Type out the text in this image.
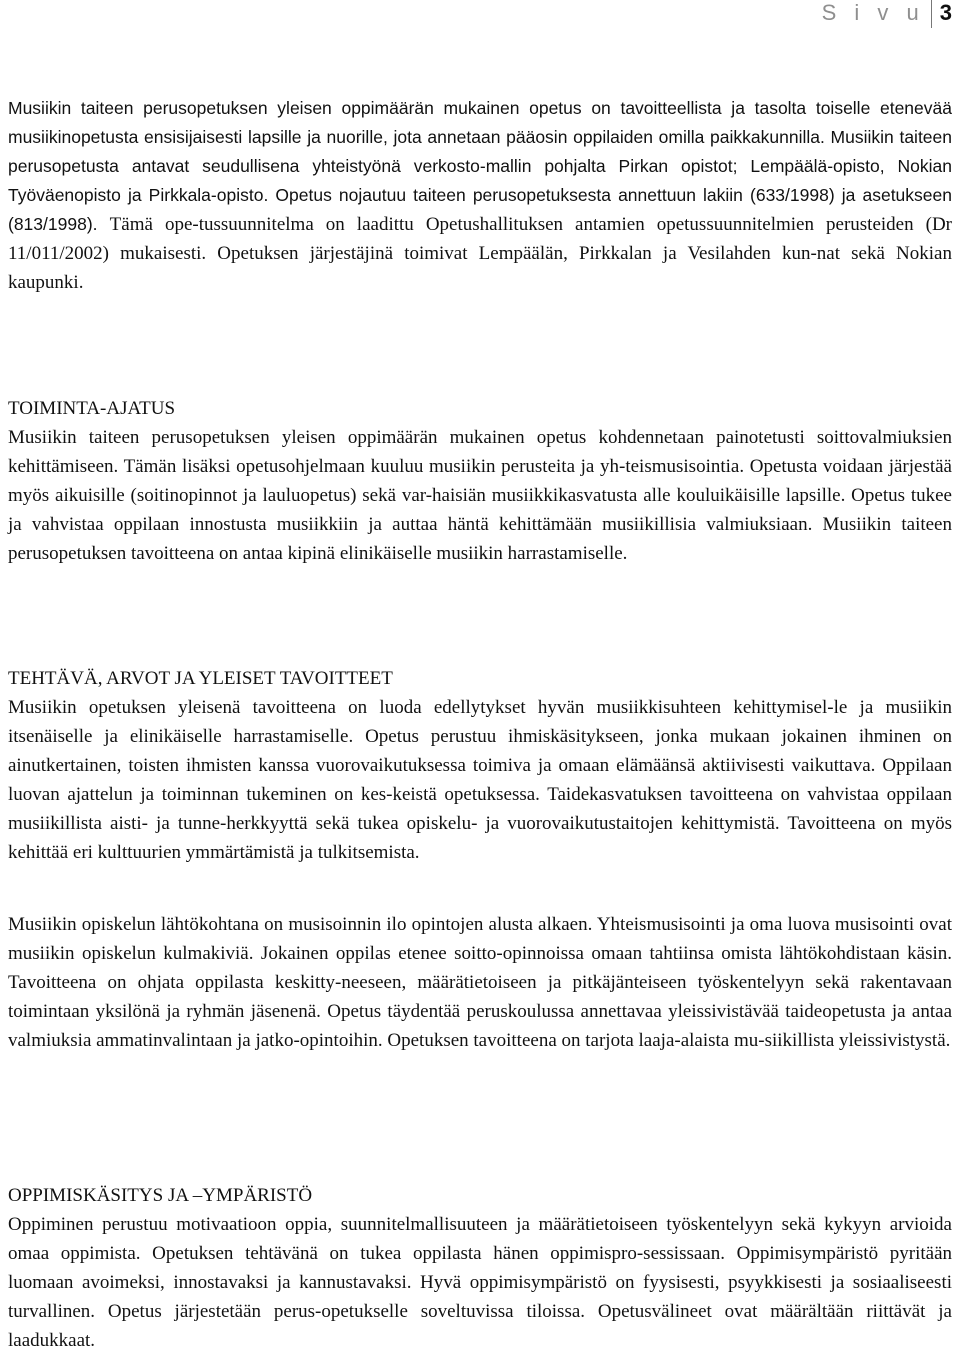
S i v u 3

Musiikin taiteen perusopetuksen yleisen oppimäärän mukainen opetus on tavoitteellista ja tasolta toiselle etenevää musiikinopetusta ensisijaisesti lapsille ja nuorille, jota annetaan pääosin oppilaiden omilla paikkakunnilla. Musiikin taiteen perusopetusta antavat seudullisena yhteistyönä verkosto-mallin pohjalta Pirkan opistot; Lempäälä-opisto, Nokian Työväenopisto ja Pirkkala-opisto. Opetus nojautuu taiteen perusopetuksesta annettuun lakiin (633/1998) ja asetukseen (813/1998). Tämä ope-tussuunnitelma on laadittu Opetushallituksen antamien opetussuunnitelmien perusteiden (Dr 11/011/2002) mukaisesti. Opetuksen järjestäjinä toimivat Lempäälän, Pirkkalan ja Vesilahden kun-nat sekä Nokian kaupunki.

TOIMINTA-AJATUS

Musiikin taiteen perusopetuksen yleisen oppimäärän mukainen opetus kohdennetaan painotetusti soittovalmiuksien kehittämiseen. Tämän lisäksi opetusohjelmaan kuuluu musiikin perusteita ja yh-teismusisointia. Opetusta voidaan järjestää myös aikuisille (soitinopinnot ja lauluopetus) sekä var-haisiän musiikkikasvatusta alle kouluikäisille lapsille. Opetus tukee ja vahvistaa oppilaan innostusta musiikkiin ja auttaa häntä kehittämään musiikillisia valmiuksiaan. Musiikin taiteen perusopetuksen tavoitteena on antaa kipinä elinikäiselle musiikin harrastamiselle.

TEHTÄVÄ, ARVOT JA YLEISET TAVOITTEET

Musiikin opetuksen yleisenä tavoitteena on luoda edellytykset hyvän musiikkisuhteen kehittymisel-le ja musiikin itsenäiselle ja elinikäiselle harrastamiselle. Opetus perustuu ihmiskäsitykseen, jonka mukaan jokainen ihminen on ainutkertainen, toisten ihmisten kanssa vuorovaikutuksessa toimiva ja omaan elämäänsä aktiivisesti vaikuttava. Oppilaan luovan ajattelun ja toiminnan tukeminen on kes-keistä opetuksessa. Taidekasvatuksen tavoitteena on vahvistaa oppilaan musiikillista aisti- ja tunne-herkkyyttä sekä tukea opiskelu- ja vuorovaikutustaitojen kehittymistä. Tavoitteena on myös kehittää eri kulttuurien ymmärtämistä ja tulkitsemista.

Musiikin opiskelun lähtökohtana on musisoinnin ilo opintojen alusta alkaen. Yhteismusisointi ja oma luova musisointi ovat musiikin opiskelun kulmakiviä. Jokainen oppilas etenee soitto-opinnoissa omaan tahtiinsa omista lähtökohdistaan käsin. Tavoitteena on ohjata oppilasta keskitty-neeseen, määrätietoiseen ja pitkäjänteiseen työskentelyyn sekä rakentavaan toimintaan yksilönä ja ryhmän jäsenenä. Opetus täydentää peruskoulussa annettavaa yleissivistävää taideopetusta ja antaa valmiuksia ammatinvalintaan ja jatko-opintoihin. Opetuksen tavoitteena on tarjota laaja-alaista mu-siikillista yleissivistystä.

OPPIMISKÄSITYS JA –YMPÄRISTÖ

Oppiminen perustuu motivaatioon oppia, suunnitelmallisuuteen ja määrätietoiseen työskentelyyn sekä kykyyn arvioida omaa oppimista. Opetuksen tehtävänä on tukea oppilasta hänen oppimispro-sessissaan. Oppimisympäristö pyritään luomaan avoimeksi, innostavaksi ja kannustavaksi. Hyvä oppimisympäristö on fyysisesti, psyykkisesti ja sosiaaliseesti turvallinen. Opetus järjestetään perus-opetukselle soveltuvissa tiloissa. Opetusvälineet ovat määrältään riittävät ja laadukkaat.
